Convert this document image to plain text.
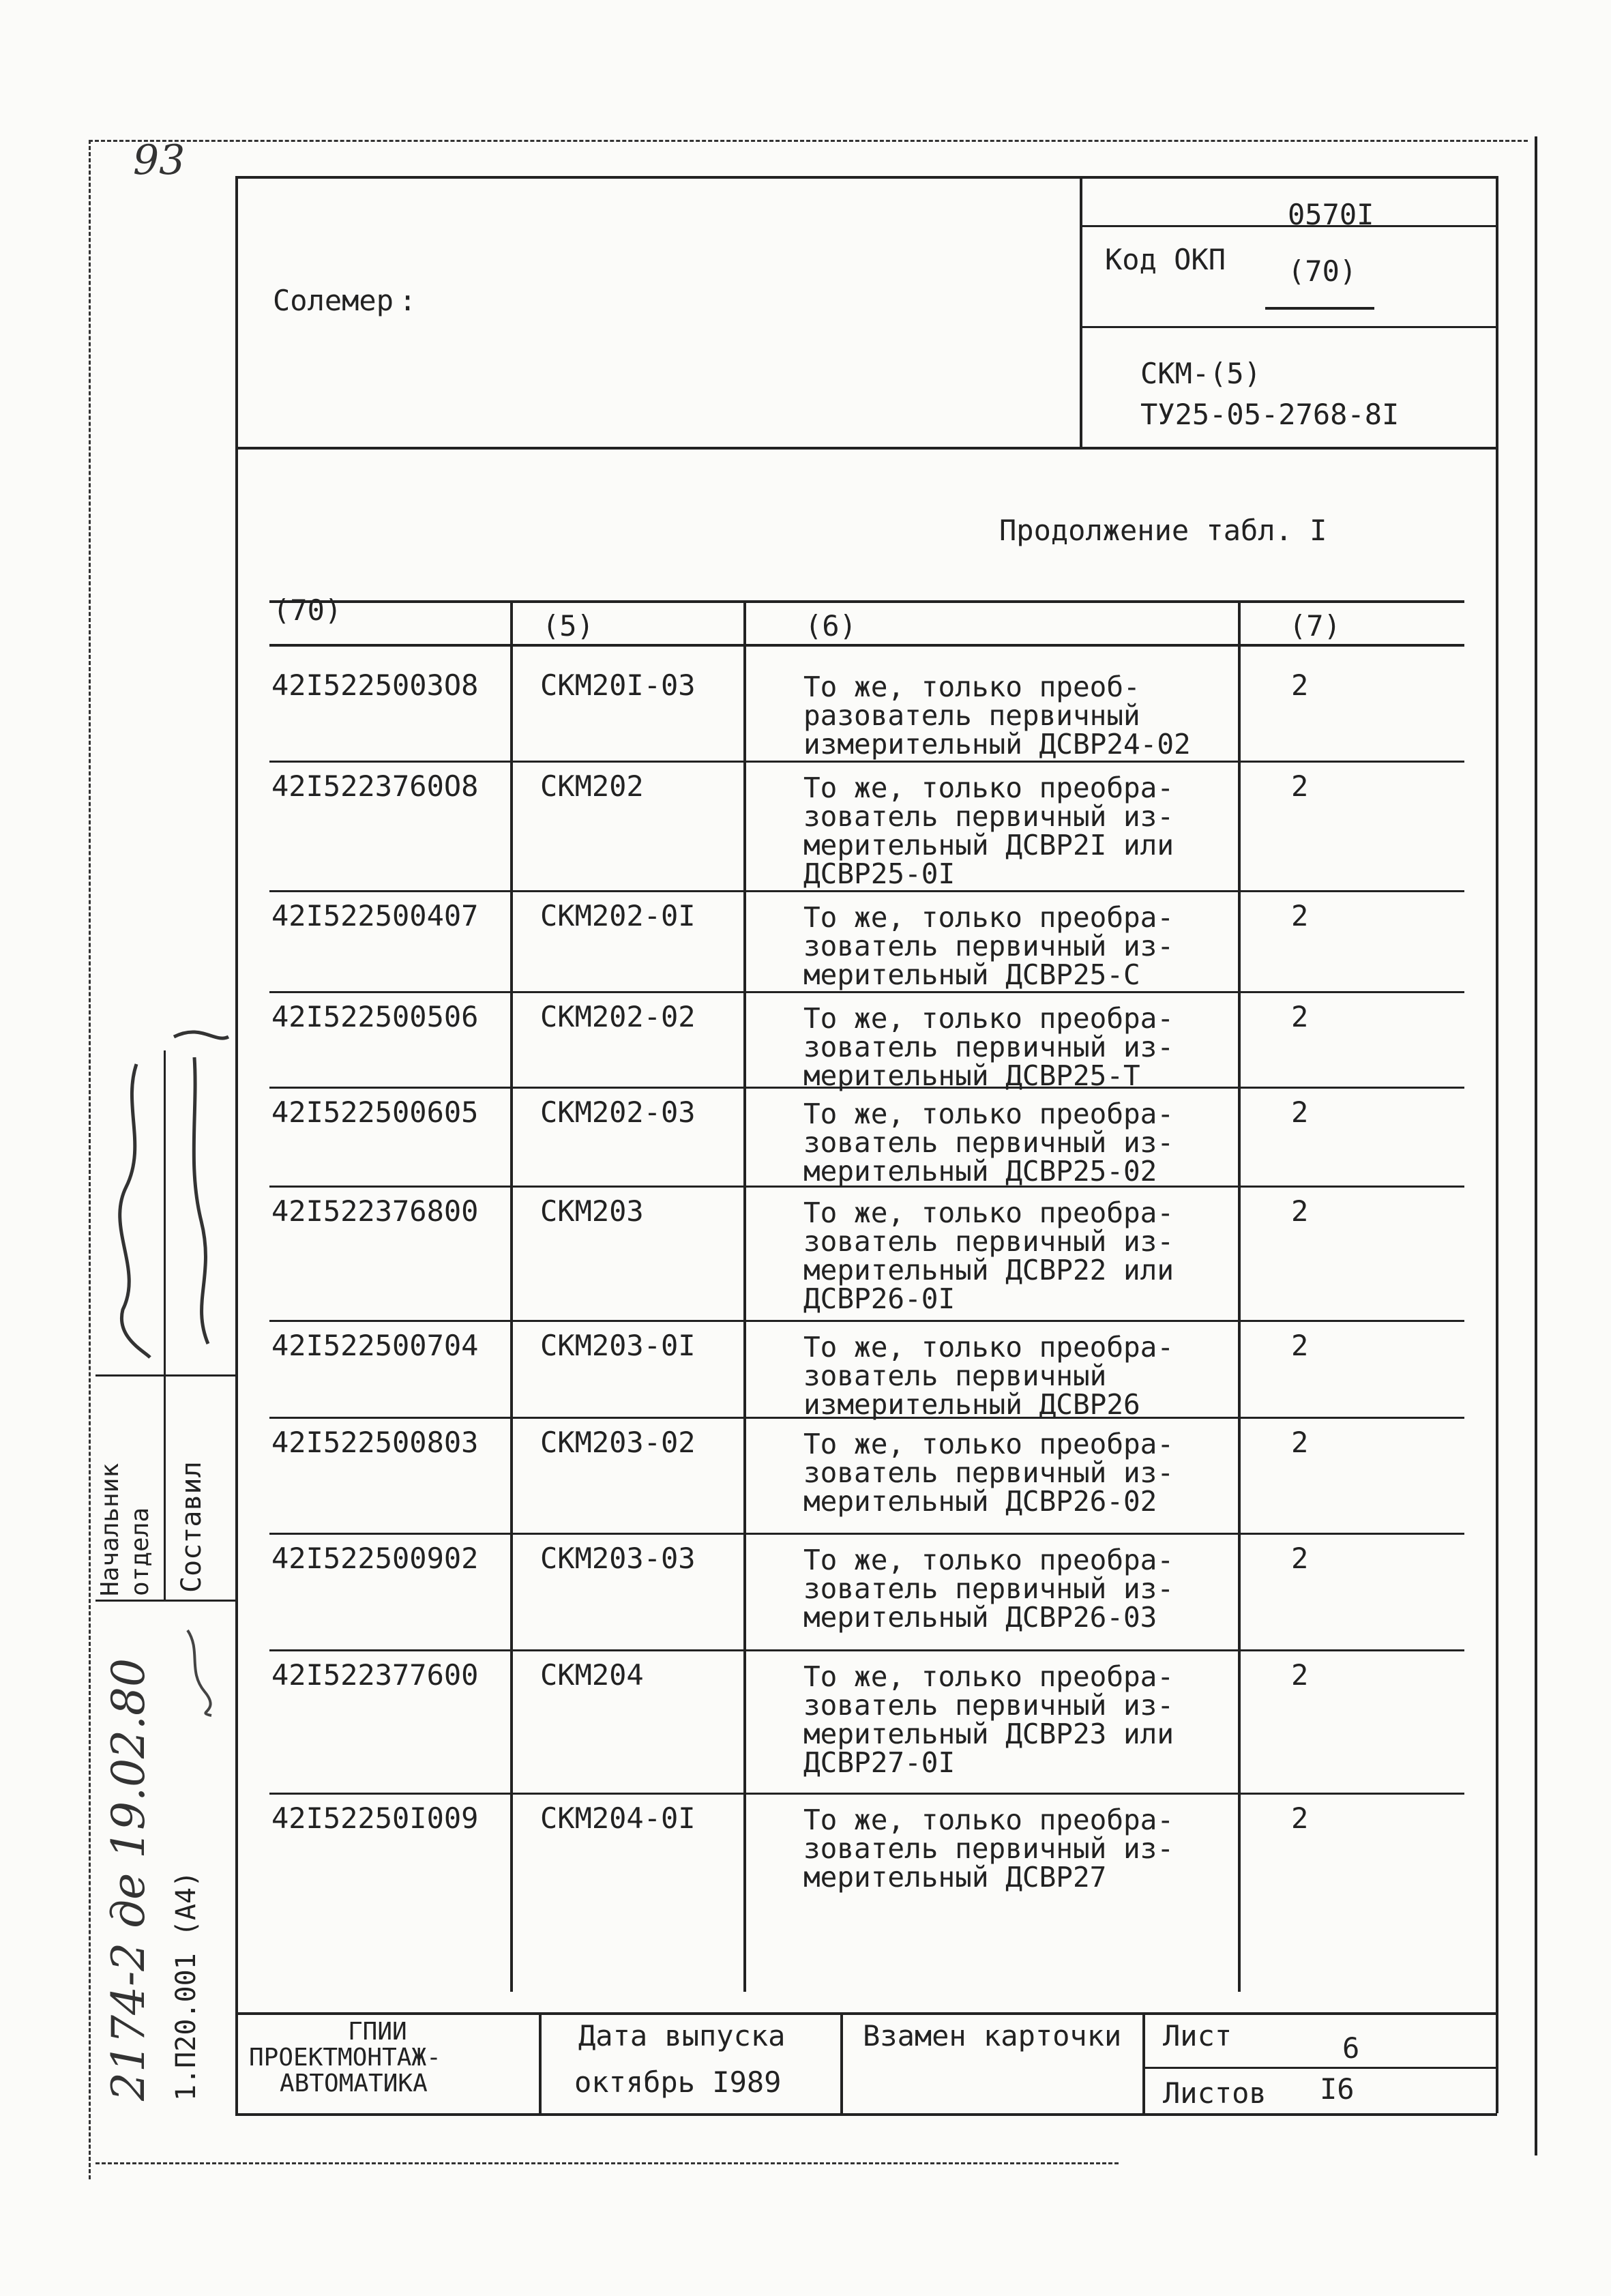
93
Солемер :
0570I
Код ОКП (70)
СКМ-(5)
ТУ25-05-2768-8I
Продолжение табл. I
(70)	(5)	(6)	(7)
42I5225003О8 СКМ20I-03	То же, только преоб-
разователь первичный
измерительный ДСВР24-02
2
42I5223760О8 СКМ202	То же, только преобра-
зователь первичный из-
мерительный ДСВР2I или
ДСВР25-0I
2
42I522500407 СКМ202-0I	То же, только преобра-
зователь первичный из-
мерительный ДСВР25-С
2
42I522500506 СКМ202-02	То же, только преобра-
зователь первичный из-
мерительный ДСВР25-Т
2
42I522500605 СКМ202-03	То же, только преобра-
зователь первичный из-
мерительный ДСВР25-02
2
42I522376800 СКМ203	То же, только преобра-
зователь первичный из-
мерительный ДСВР22 или
ДСВР26-0I
2
42I522500704 СКМ203-0I	То же, только преобра-
зователь первичный
измерительный ДСВР26
2
42I522500803 СКМ203-02	То же, только преобра-
зователь первичный из-
мерительный ДСВР26-02
2
42I522500902 СКМ203-03	То же, только преобра-
зователь первичный из-
мерительный ДСВР26-03
2
42I522377600 СКМ204	То же, только преобра-
зователь первичный из-
мерительный ДСВР23 или
ДСВР27-0I
2
42I52250I009 СКМ204-0I	То же, только преобра-
зователь первичный из-
мерительный ДСВР27
2
ГПИИ
ПРОЕКТМОНТАЖ-
АВТОМАТИКА
Дата выпуска
октябрь I989
Взамен карточки Лист	6
Листов I6
Начальник отдела Составил
1.П20.001 (А4)
2174-2 де 19.02.80
